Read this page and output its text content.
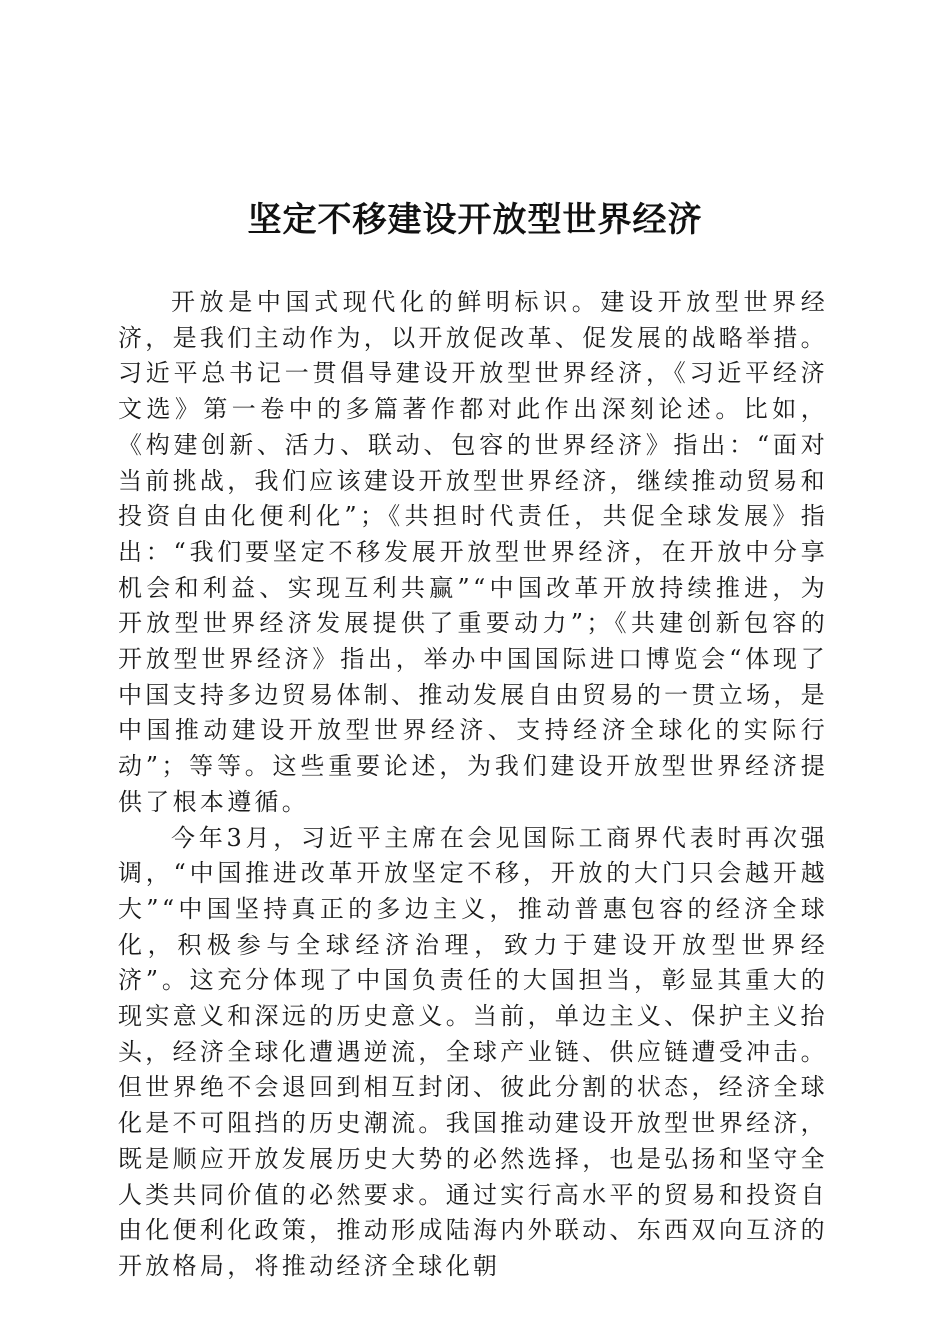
坚定不移建设开放型世界经济

开放是中国式现代化的鲜明标识。建设开放型世界经济，是我们主动作为，以开放促改革、促发展的战略举措。习近平总书记一贯倡导建设开放型世界经济，《习近平经济文选》第一卷中的多篇著作都对此作出深刻论述。比如，《构建创新、活力、联动、包容的世界经济》指出：“面对当前挑战，我们应该建设开放型世界经济，继续推动贸易和投资自由化便利化”；《共担时代责任，共促全球发展》指出：“我们要坚定不移发展开放型世界经济，在开放中分享机会和利益、实现互利共赢”“中国改革开放持续推进，为开放型世界经济发展提供了重要动力”；《共建创新包容的开放型世界经济》指出，举办中国国际进口博览会“体现了中国支持多边贸易体制、推动发展自由贸易的一贯立场，是中国推动建设开放型世界经济、支持经济全球化的实际行动”；等等。这些重要论述，为我们建设开放型世界经济提供了根本遵循。

今年3月，习近平主席在会见国际工商界代表时再次强调，“中国推进改革开放坚定不移，开放的大门只会越开越大”“中国坚持真正的多边主义，推动普惠包容的经济全球化，积极参与全球经济治理，致力于建设开放型世界经济”。这充分体现了中国负责任的大国担当，彰显其重大的现实意义和深远的历史意义。当前，单边主义、保护主义抬头，经济全球化遭遇逆流，全球产业链、供应链遭受冲击。但世界绝不会退回到相互封闭、彼此分割的状态，经济全球化是不可阻挡的历史潮流。我国推动建设开放型世界经济，既是顺应开放发展历史大势的必然选择，也是弘扬和坚守全人类共同价值的必然要求。通过实行高水平的贸易和投资自由化便利化政策，推动形成陆海内外联动、东西双向互济的开放格局，将推动经济全球化朝
